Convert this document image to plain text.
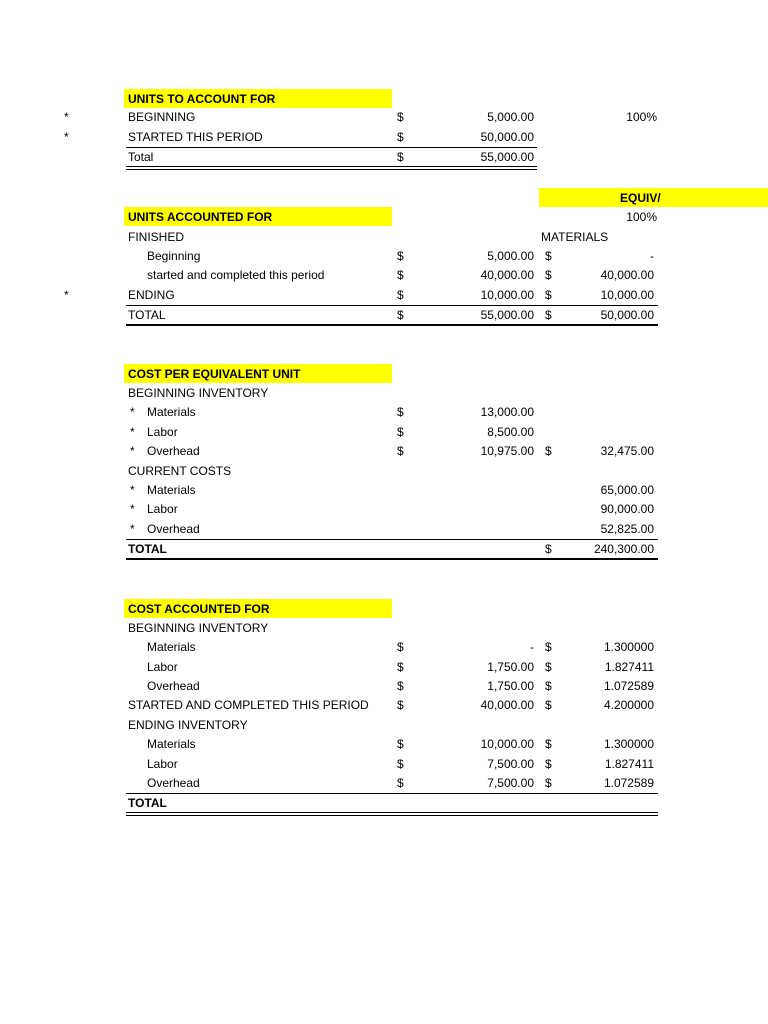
UNITS TO ACCOUNT FOR
*	BEGINNING	$	5,000.00	100%
*	STARTED THIS PERIOD	$	50,000.00
Total	$	55,000.00
EQUIV/
100%
MATERIALS
UNITS ACCOUNTED FOR
FINISHED
Beginning	$	5,000.00 $	-
started and completed this period	$	40,000.00 $	40,000.00
*	ENDING	$	10,000.00 $	10,000.00
TOTAL	$	55,000.00 $	50,000.00
COST PER EQUIVALENT UNIT
BEGINNING INVENTORY
* Materials	$	13,000.00
* Labor	$	8,500.00
* Overhead	$	10,975.00 $	32,475.00
CURRENT COSTS
* Materials	65,000.00
* Labor	90,000.00
* Overhead	52,825.00
TOTAL	$	240,300.00
COST ACCOUNTED FOR
BEGINNING INVENTORY
Materials	$	- $	1.300000
Labor	$	1,750.00 $	1.827411
Overhead	$	1,750.00 $	1.072589
STARTED AND COMPLETED THIS PERIOD $	40,000.00 $	4.200000
ENDING INVENTORY
Materials	$	10,000.00 $	1.300000
Labor	$	7,500.00 $	1.827411
Overhead	$	7,500.00 $	1.072589
TOTAL
